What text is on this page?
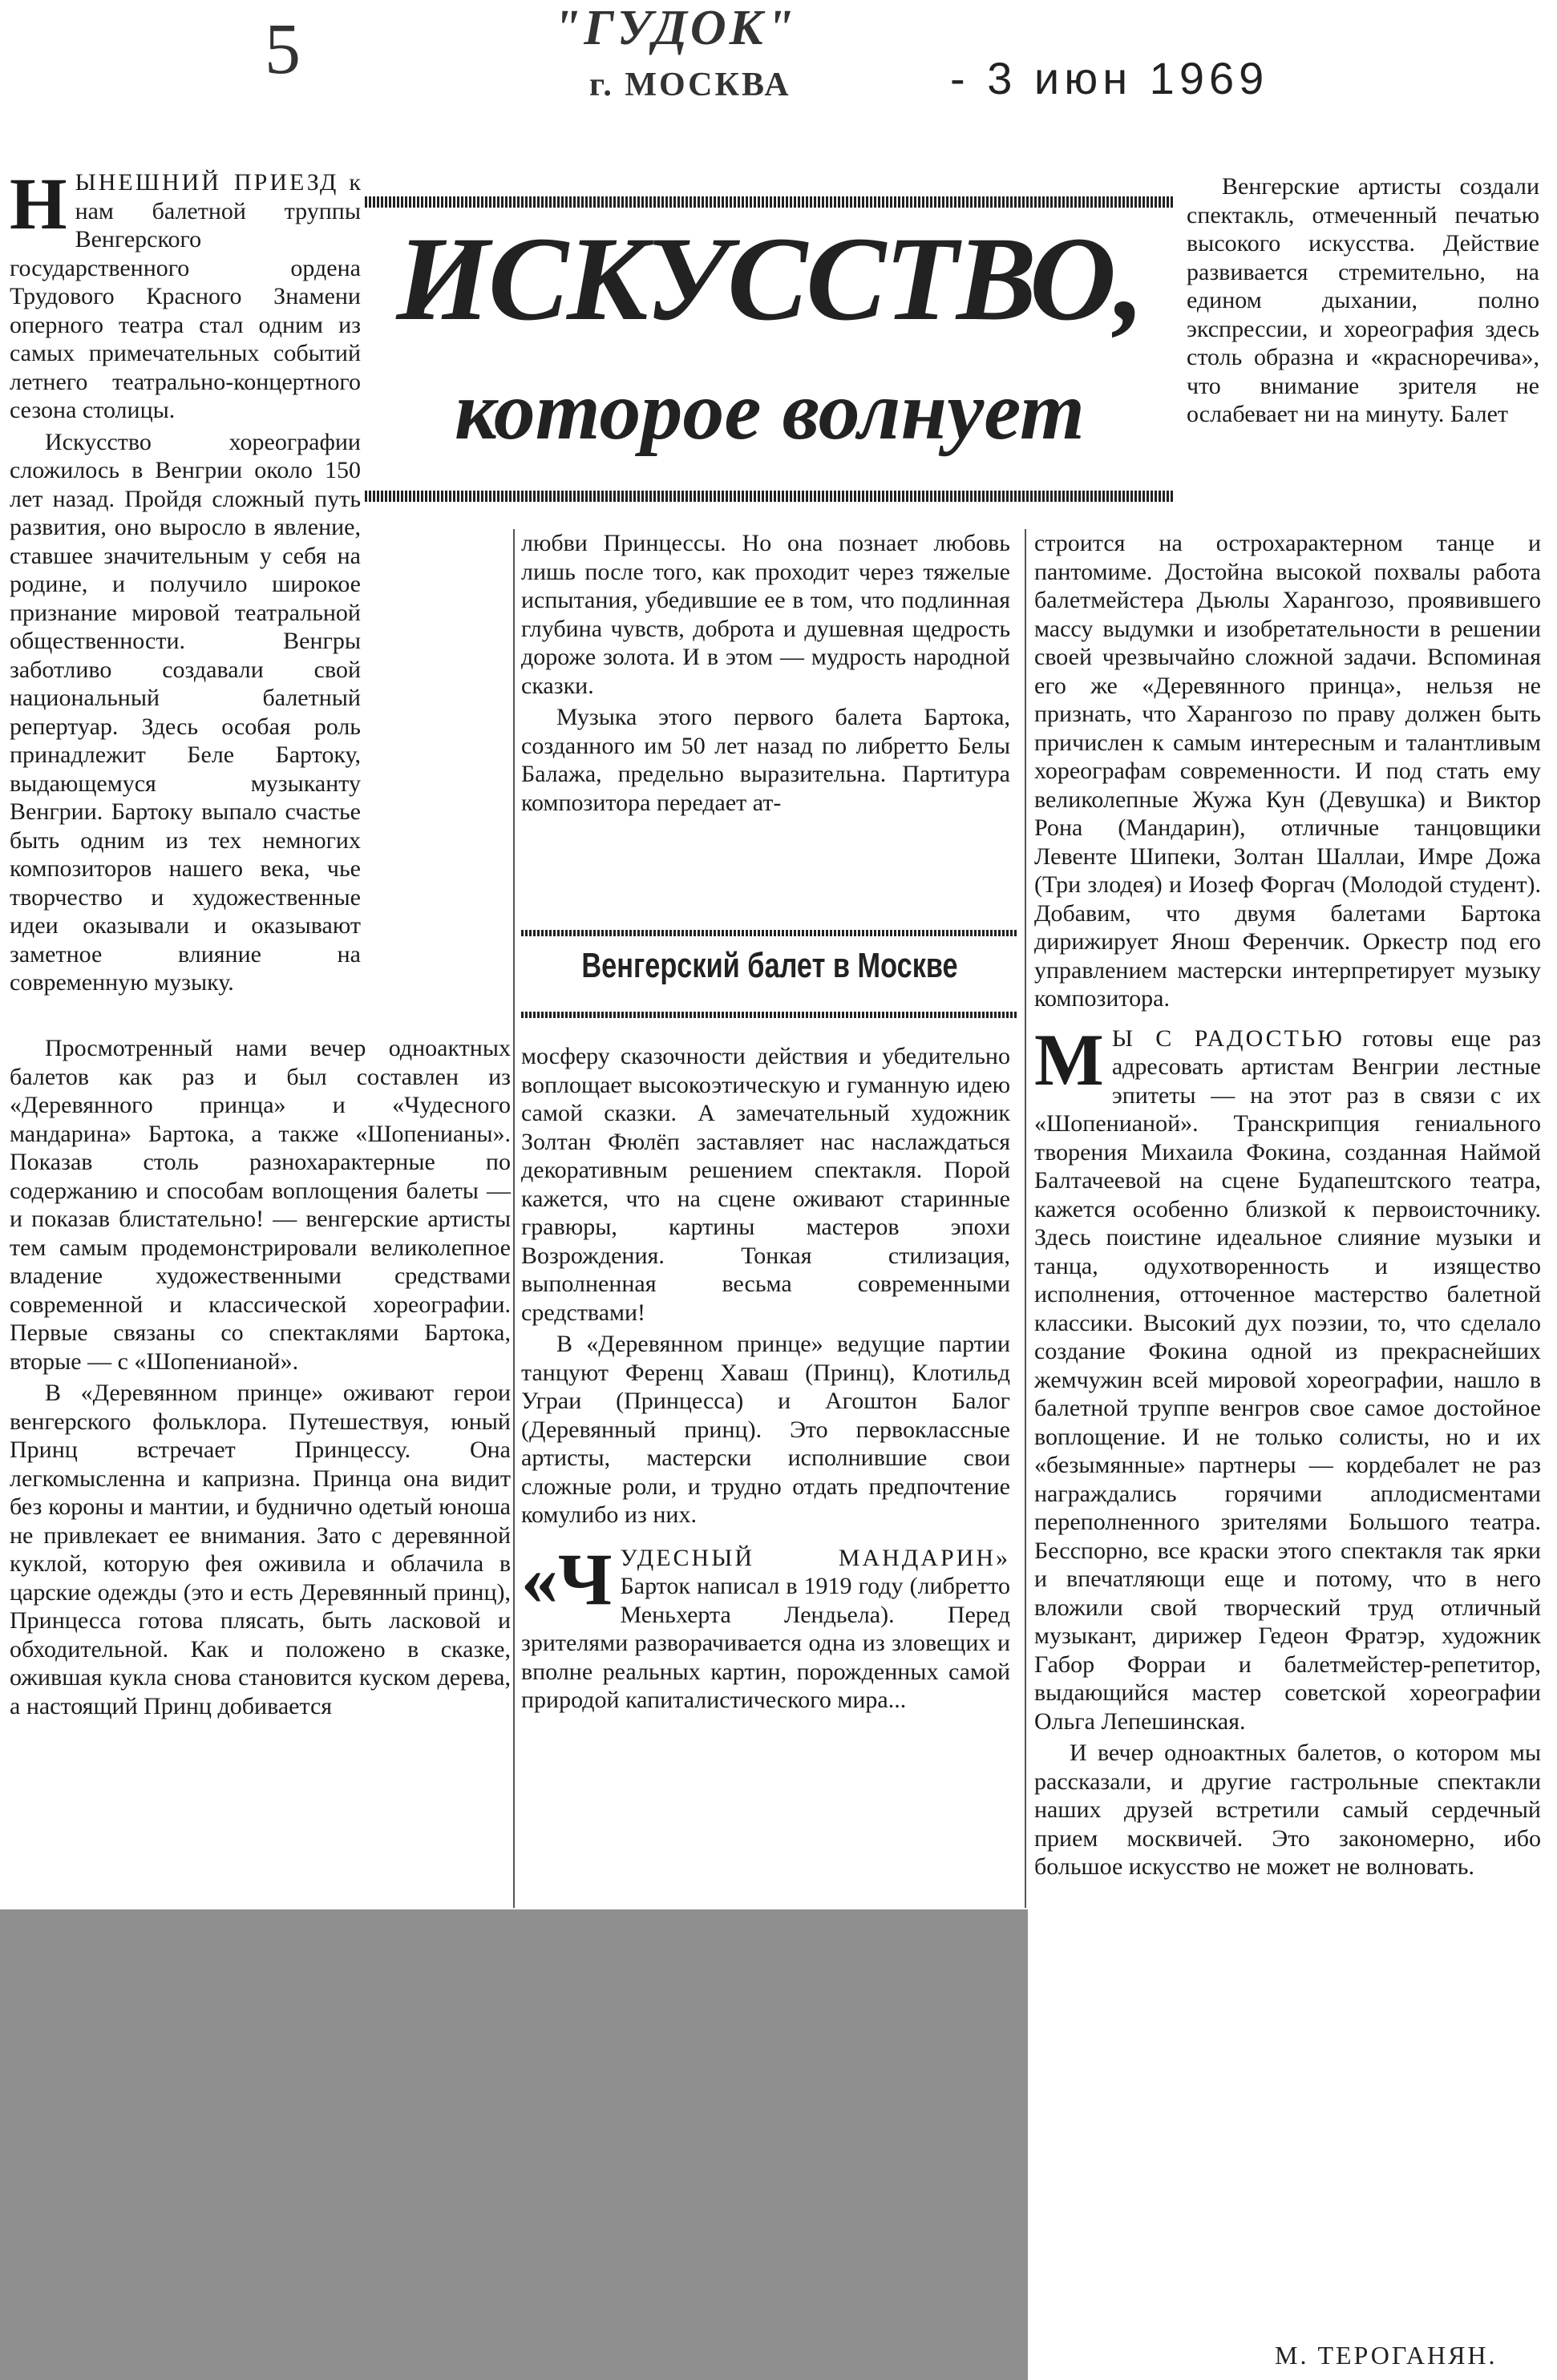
5	"ГУДОК"
г. МОСКВА	- 3 июн 1969
ИСКУССТВО,
которое волнует

НЫНЕШНИЙ ПРИЕЗД к нам балетной труппы Венгерского государственного ордена Трудового Красного Знамени оперного театра стал одним из самых примечательных событий летнего театрально-концертного сезона столицы.

Искусство хореографии сложилось в Венгрии около 150 лет назад. Пройдя сложный путь развития, оно выросло в явление, ставшее значительным у себя на родине, и получило широкое признание мировой театральной общественности. Венгры заботливо создавали свой национальный балетный репертуар. Здесь особая роль принадлежит Беле Бартоку, выдающемуся музыканту Венгрии. Бартоку выпало счастье быть одним из тех немногих композиторов нашего века, чье творчество и художественные идеи оказывали и оказывают заметное влияние на современную музыку.

Просмотренный нами вечер одноактных балетов как раз и был составлен из «Деревянного принца» и «Чудесного мандарина» Бартока, а также «Шопенианы». Показав столь разнохарактерные по содержанию и способам воплощения балеты — и показав блистательно! — венгерские артисты тем самым продемонстрировали великолепное владение художественными средствами современной и классической хореографии. Первые связаны со спектаклями Бартока, вторые — с «Шопенианой».

В «Деревянном принце» оживают герои венгерского фольклора. Путешествуя, юный Принц встречает Принцессу. Она легкомысленна и капризна. Принца она видит без короны и мантии, и буднично одетый юноша не привлекает ее внимания. Зато с деревянной куклой, которую фея оживила и облачила в царские одежды (это и есть Деревянный принц), Принцесса готова плясать, быть ласковой и обходительной. Как и положено в сказке, ожившая кукла снова становится куском дерева, а настоящий Принц добивается

любви Принцессы. Но она познает любовь лишь после того, как проходит через тяжелые испытания, убедившие ее в том, что подлинная глубина чувств, доброта и душевная щедрость дороже золота. И в этом — мудрость народной сказки.

Музыка этого первого балета Бартока, созданного им 50 лет назад по либретто Белы Балажа, предельно выразительна. Партитура композитора передает ат-

Венгерский балет в Москве

мосферу сказочности действия и убедительно воплощает высокоэтическую и гуманную идею самой сказки. А замечательный художник Золтан Фюлёп заставляет нас наслаждаться декоративным решением спектакля. Порой кажется, что на сцене оживают старинные гравюры, картины мастеров эпохи Возрождения. Тонкая стилизация, выполненная весьма современными средствами!

В «Деревянном принце» ведущие партии танцуют Ференц Хаваш (Принц), Клотильд Уграи (Принцесса) и Агоштон Балог (Деревянный принц). Это первоклассные артисты, мастерски исполнившие свои сложные роли, и трудно отдать предпочтение комулибо из них.

«ЧУДЕСНЫЙ МАНДАРИН» Барток написал в 1919 году (либретто Меньхерта Лендьела). Перед зрителями разворачивается одна из зловещих и вполне реальных картин, порожденных самой природой капиталистического мира...

Венгерские артисты создали спектакль, отмеченный печатью высокого искусства. Действие развивается стремительно, на едином дыхании, полно экспрессии, и хореография здесь столь образна и «красноречива», что внимание зрителя не ослабевает ни на минуту. Балет

строится на острохарактерном танце и пантомиме. Достойна высокой похвалы работа балетмейстера Дьюлы Харангозо, проявившего массу выдумки и изобретательности в решении своей чрезвычайно сложной задачи. Вспоминая его же «Деревянного принца», нельзя не признать, что Харангозо по праву должен быть причислен к самым интересным и талантливым хореографам современности. И под стать ему великолепные Жужа Кун (Девушка) и Виктор Рона (Мандарин), отличные танцовщики Левенте Шипеки, Золтан Шаллаи, Имре Дожа (Три злодея) и Иозеф Форгач (Молодой студент). Добавим, что двумя балетами Бартока дирижирует Янош Ференчик. Оркестр под его управлением мастерски интерпретирует музыку композитора.

М Ы С РАДОСТЬЮ готовы еще раз адресовать артистам Венгрии лестные эпитеты — на этот раз в связи с их «Шопенианой». Транскрипция гениального творения Михаила Фокина, созданная Наймой Балтачеевой на сцене Будапештского театра, кажется особенно близкой к первоисточнику. Здесь поистине идеальное слияние музыки и танца, одухотворенность и изящество исполнения, отточенное мастерство балетной классики. Высокий дух поэзии, то, что сделало создание Фокина одной из прекраснейших жемчужин всей мировой хореографии, нашло в балетной труппе венгров свое самое достойное воплощение. И не только солисты, но и их «безымянные» партнеры — кордебалет не раз награждались горячими аплодисментами переполненного зрителями Большого театра. Бесспорно, все краски этого спектакля так ярки и впечатляющи еще и потому, что в него вложили свой творческий труд отличный музыкант, дирижер Гедеон Фратэр, художник Габор Форраи и балетмейстер-репетитор, выдающийся мастер советской хореографии Ольга Лепешинская.

И вечер одноактных балетов, о котором мы рассказали, и другие гастрольные спектакли наших друзей встретили самый сердечный прием москвичей. Это закономерно, ибо большое искусство не может не волновать.

М. ТЕРОГАНЯН.
